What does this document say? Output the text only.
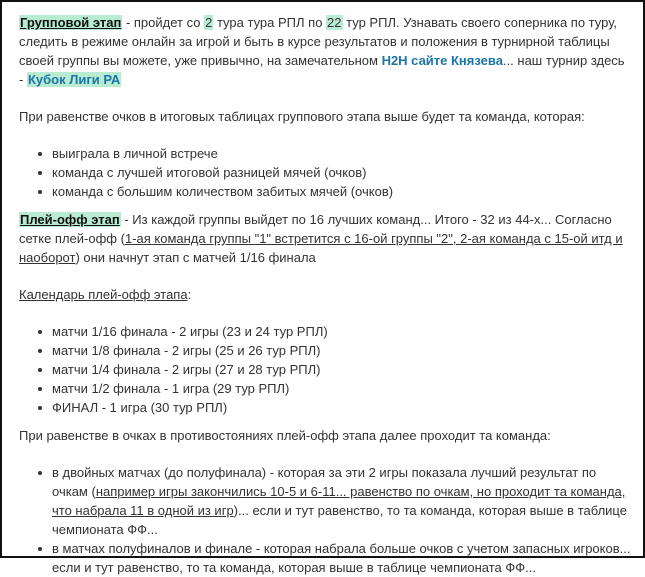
Групповой этап - пройдет со 2 тура тура РПЛ по 22 тур РПЛ. Узнавать своего соперника по туру, следить в режиме онлайн за игрой и быть в курсе результатов и положения в турнирной таблицы своей группы вы можете, уже привычно, на замечательном H2H сайте Князева... наш турнир здесь - Кубок Лиги РА

При равенстве очков в итоговых таблицах группового этапа выше будет та команда, которая:

выиграла в личной встрече
команда с лучшей итоговой разницей мячей (очков)
команда с большим количеством забитых мячей (очков)

Плей-офф этап - Из каждой группы выйдет по 16 лучших команд... Итого - 32 из 44-х... Согласно сетке плей-офф (1-ая команда группы "1" встретится с 16-ой группы "2", 2-ая команда с 15-ой итд и наоборот) они начнут этап с матчей 1/16 финала

Календарь плей-офф этапа:

матчи 1/16 финала - 2 игры (23 и 24 тур РПЛ)
матчи 1/8 финала - 2 игры (25 и 26 тур РПЛ)
матчи 1/4 финала - 2 игры (27 и 28 тур РПЛ)
матчи 1/2 финала - 1 игра (29 тур РПЛ)
ФИНАЛ - 1 игра (30 тур РПЛ)

При равенстве в очках в противостояниях плей-офф этапа далее проходит та команда:

в двойных матчах (до полуфинала) - которая за эти 2 игры показала лучший результат по очкам (например игры закончились 10-5 и 6-11... равенство по очкам, но проходит та команда, что набрала 11 в одной из игр)... если и тут равенство, то та команда, которая выше в таблице чемпионата ФФ...
в матчах полуфиналов и финале - которая набрала больше очков с учетом запасных игроков... если и тут равенство, то та команда, которая выше в таблице чемпионата ФФ...
